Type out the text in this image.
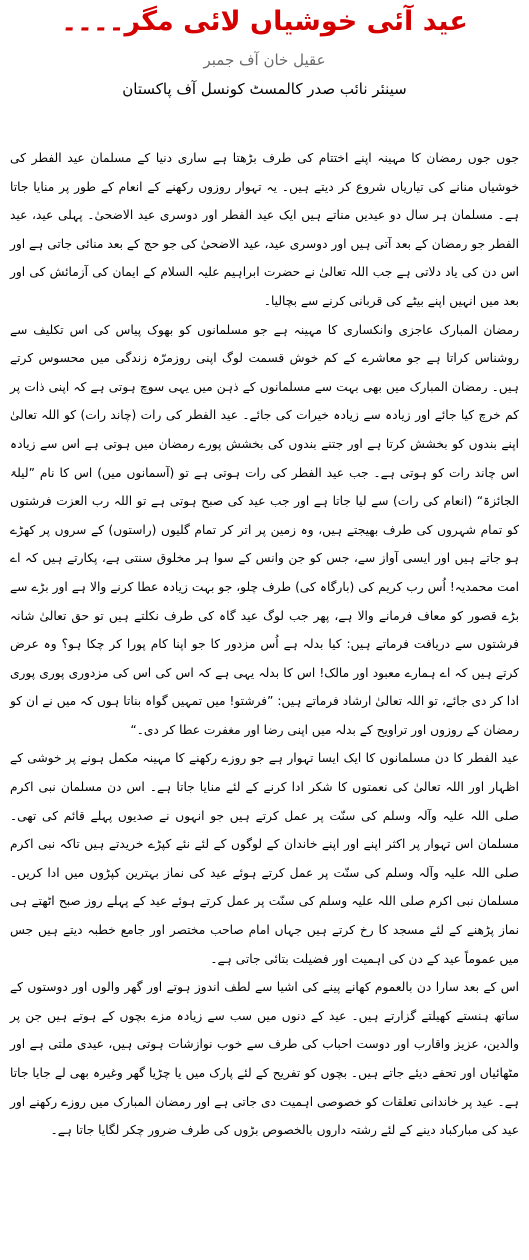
عید آئی خوشیاں لائی مگر۔۔۔۔
عقیل خان آف جمبر
سینئر نائب صدر کالمسٹ کونسل آف پاکستان

جوں جوں رمضان کا مہینہ اپنے اختتام کی طرف بڑھتا ہے ساری دنیا کے مسلمان عید الفطر کی خوشیاں منانے کی تیاریاں شروع کر دیتے ہیں۔ یہ تہوار روزوں رکھنے کے انعام کے طور پر منایا جاتا ہے۔ مسلمان ہر سال دو عیدیں مناتے ہیں ایک عید الفطر اور دوسری عید الاضحیٰ۔ پہلی عید، عید الفطر جو رمضان کے بعد آتی ہیں اور دوسری عید، عید الاضحیٰ کی جو حج کے بعد منائی جاتی ہے اور اس دن کی یاد دلاتی ہے جب اللہ تعالیٰ نے حضرت ابراہیم علیہ السلام کے ایمان کی آزمائش کی اور بعد میں انہیں اپنے بیٹے کی قربانی کرنے سے بچالیا۔

رمضان المبارک عاجزی وانکساری کا مہینہ ہے جو مسلمانوں کو بھوک پیاس کی اس تکلیف سے روشناس کراتا ہے جو معاشرے کے کم خوش قسمت لوگ اپنی روزمرّہ زندگی میں محسوس کرتے ہیں۔ رمضان المبارک میں بھی بہت سے مسلمانوں کے ذہن میں یہی سوچ ہوتی ہے کہ اپنی ذات پر کم خرچ کیا جائے اور زیادہ سے زیادہ خیرات کی جائے۔ عید الفطر کی رات (چاند رات) کو اللہ تعالیٰ اپنے بندوں کو بخشش کرتا ہے اور جتنے بندوں کی بخشش پورے رمضان میں ہوتی ہے اس سے زیادہ اس چاند رات کو ہوتی ہے۔ جب عید الفطر کی رات ہوتی ہے تو (آسمانوں میں) اس کا نام ”لیلۃ الجائزۃ“ (انعام کی رات) سے لیا جاتا ہے اور جب عید کی صبح ہوتی ہے تو اللہ رب العزت فرشتوں کو تمام شہروں کی طرف بھیجتے ہیں، وہ زمین پر اتر کر تمام گلیوں (راستوں) کے سروں پر کھڑے ہو جاتے ہیں اور ایسی آواز سے، جس کو جن وانس کے سوا ہر مخلوق سنتی ہے، پکارتے ہیں کہ اے امت محمدیہ! اُس رب کریم کی (بارگاہ کی) طرف چلو، جو بہت زیادہ عطا کرنے والا ہے اور بڑے سے بڑے قصور کو معاف فرمانے والا ہے، پھر جب لوگ عید گاہ کی طرف نکلتے ہیں تو حق تعالیٰ شانہ فرشتوں سے دریافت فرماتے ہیں: کیا بدلہ ہے اُس مزدور کا جو اپنا کام پورا کر چکا ہو؟ وہ عرض کرتے ہیں کہ اے ہمارے معبود اور مالک! اس کا بدلہ یہی ہے کہ اس کی اس کی مزدوری پوری پوری ادا کر دی جائے، تو اللہ تعالیٰ ارشاد فرماتے ہیں: ”فرشتو! میں تمہیں گواہ بناتا ہوں کہ میں نے ان کو رمضان کے روزوں اور تراویح کے بدلہ میں اپنی رضا اور مغفرت عطا کر دی۔“

عید الفطر کا دن مسلمانوں کا ایک ایسا تہوار ہے جو روزے رکھنے کا مہینہ مکمل ہونے پر خوشی کے اظہار اور اللہ تعالیٰ کی نعمتوں کا شکر ادا کرنے کے لئے منایا جاتا ہے۔ اس دن مسلمان نبی اکرم صلی اللہ علیہ وآلہ وسلم کی سنّت پر عمل کرتے ہیں جو انہوں نے صدیوں پہلے قائم کی تھی۔ مسلمان اس تہوار پر اکثر اپنے اور اپنے خاندان کے لوگوں کے لئے نئے کپڑے خریدتے ہیں تاکہ نبی اکرم صلی اللہ علیہ وآلہ وسلم کی سنّت پر عمل کرتے ہوئے عید کی نماز بہترین کپڑوں میں ادا کریں۔ مسلمان نبی اکرم صلی اللہ علیہ وسلم کی سنّت پر عمل کرتے ہوئے عید کے پہلے روز صبح اٹھتے ہی نماز پڑھنے کے لئے مسجد کا رخ کرتے ہیں جہاں امام صاحب مختصر اور جامع خطبہ دیتے ہیں جس میں عموماً عید کے دن کی اہمیت اور فضیلت بتائی جاتی ہے۔

اس کے بعد سارا دن بالعموم کھانے پینے کی اشیا سے لطف اندوز ہوتے اور گھر والوں اور دوستوں کے ساتھ ہنستے کھیلتے گزارتے ہیں۔ عید کے دنوں میں سب سے زیادہ مزے بچوں کے ہوتے ہیں جن پر والدین، عزیز واقارب اور دوست احباب کی طرف سے خوب نوازشات ہوتی ہیں، عیدی ملتی ہے اور مٹھائیاں اور تحفے دیئے جاتے ہیں۔ بچوں کو تفریح کے لئے پارک میں یا چڑیا گھر وغیرہ بھی لے جایا جاتا ہے۔ عید پر خاندانی تعلقات کو خصوصی اہمیت دی جاتی ہے اور رمضان المبارک میں روزے رکھنے اور عید کی مبارکباد دینے کے لئے رشتہ داروں بالخصوص بڑوں کی طرف ضرور چکر لگایا جاتا ہے۔
